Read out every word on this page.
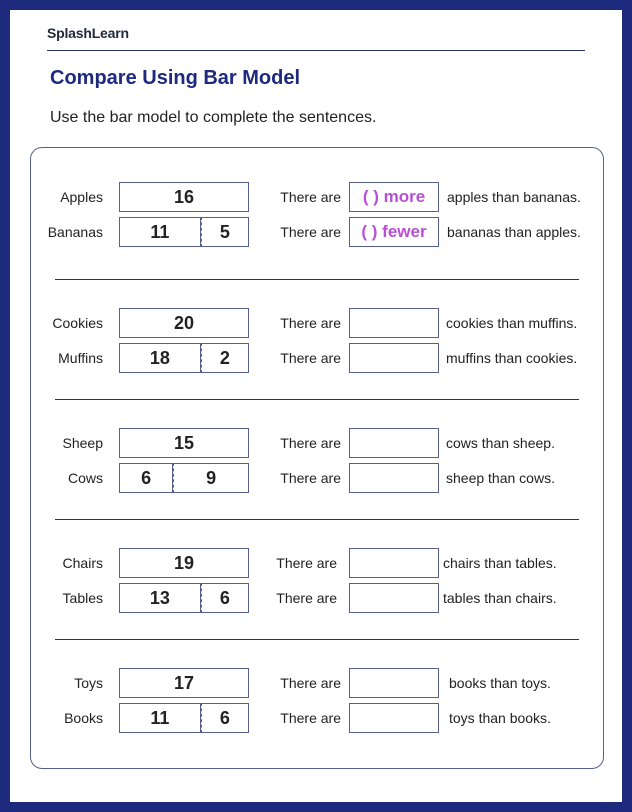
SplashLearn
Compare Using Bar Model
Use the bar model to complete the sentences.
Apples	16	There are	( ) more	apples than bananas.
Bananas	11	5	There are	( ) fewer	bananas than apples.
Cookies	20	There are	cookies than muffins.
Muffins	18	2	There are	muffins than cookies.
Sheep	15	There are	cows than sheep.
Cows	6	9	There are	sheep than cows.
Chairs	19	There are	chairs than tables.
Tables	13	6	There are	tables than chairs.
Toys	17	There are	books than toys.
Books	11	6	There are	toys than books.
